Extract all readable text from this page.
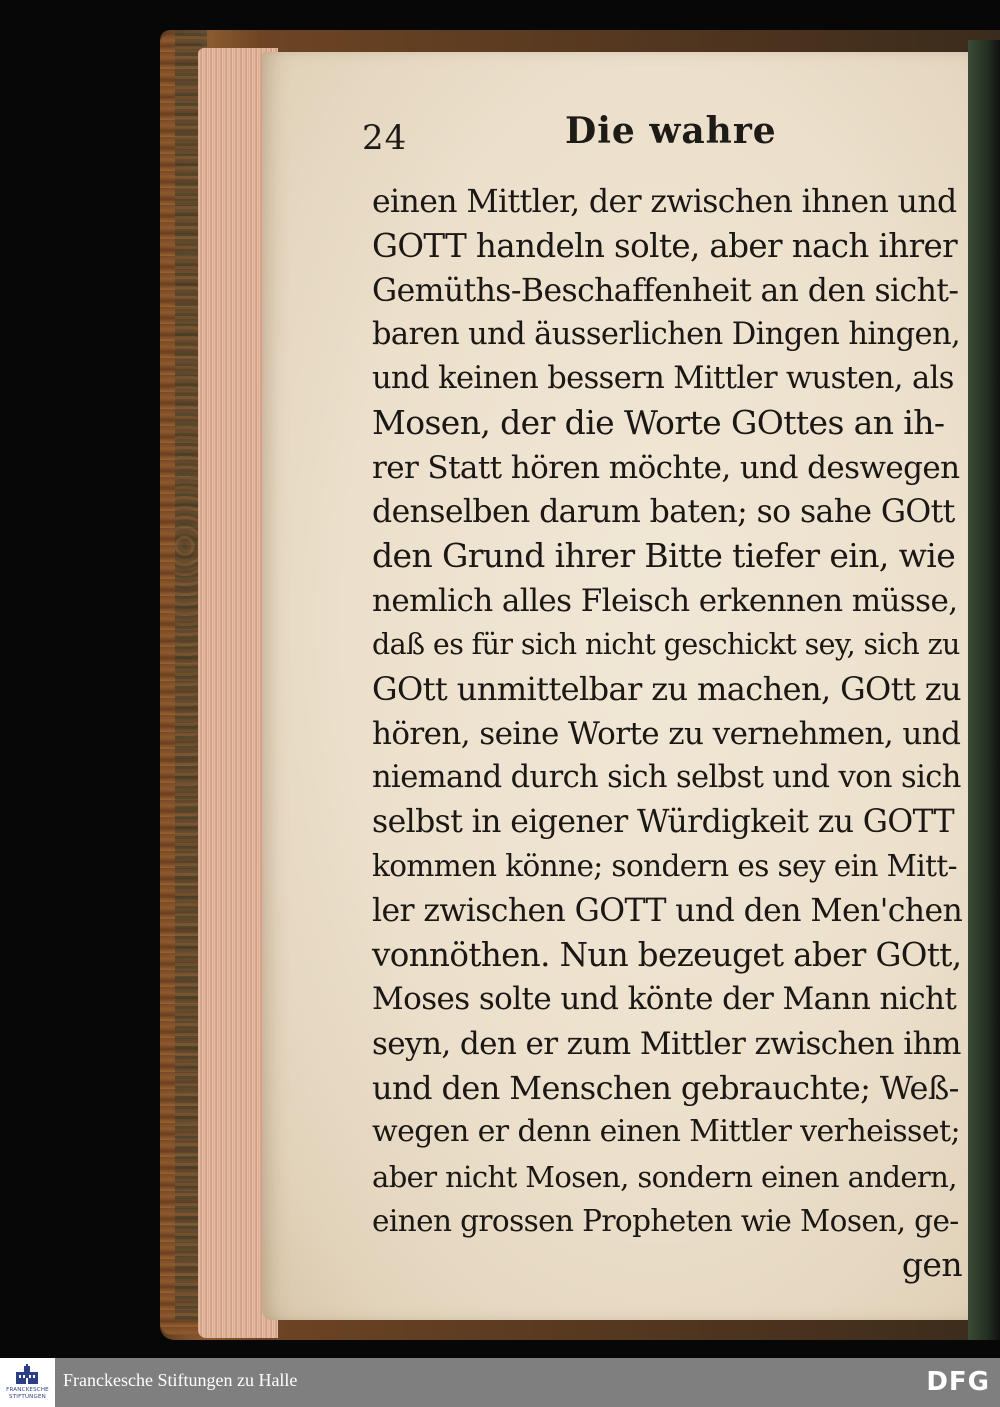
24	Die wahre
einen Mittler, der zwischen ihnen und
GOTT handeln solte, aber nach ihrer
Gemüths-Beschaffenheit an den sicht-
baren und äusserlichen Dingen hingen,
und keinen bessern Mittler wusten, als
Mosen, der die Worte GOttes an ih-
rer Statt hören möchte, und deswegen
denselben darum baten; so sahe GOtt
den Grund ihrer Bitte tiefer ein, wie
nemlich alles Fleisch erkennen müsse,
daß es für sich nicht geschickt sey, sich zu
GOtt unmittelbar zu machen, GOtt zu
hören, seine Worte zu vernehmen, und
niemand durch sich selbst und von sich
selbst in eigener Würdigkeit zu GOTT
kommen könne; sondern es sey ein Mitt-
ler zwischen GOTT und den Men'chen
vonnöthen. Nun bezeuget aber GOtt,
Moses solte und könte der Mann nicht
seyn, den er zum Mittler zwischen ihm
und den Menschen gebrauchte; Weß-
wegen er denn einen Mittler verheisset;
aber nicht Mosen, sondern einen andern,
einen grossen Propheten wie Mosen, ge-
gen
FRANCKESCHE STIFTUNGEN
Franckesche Stiftungen zu Halle	DFG
